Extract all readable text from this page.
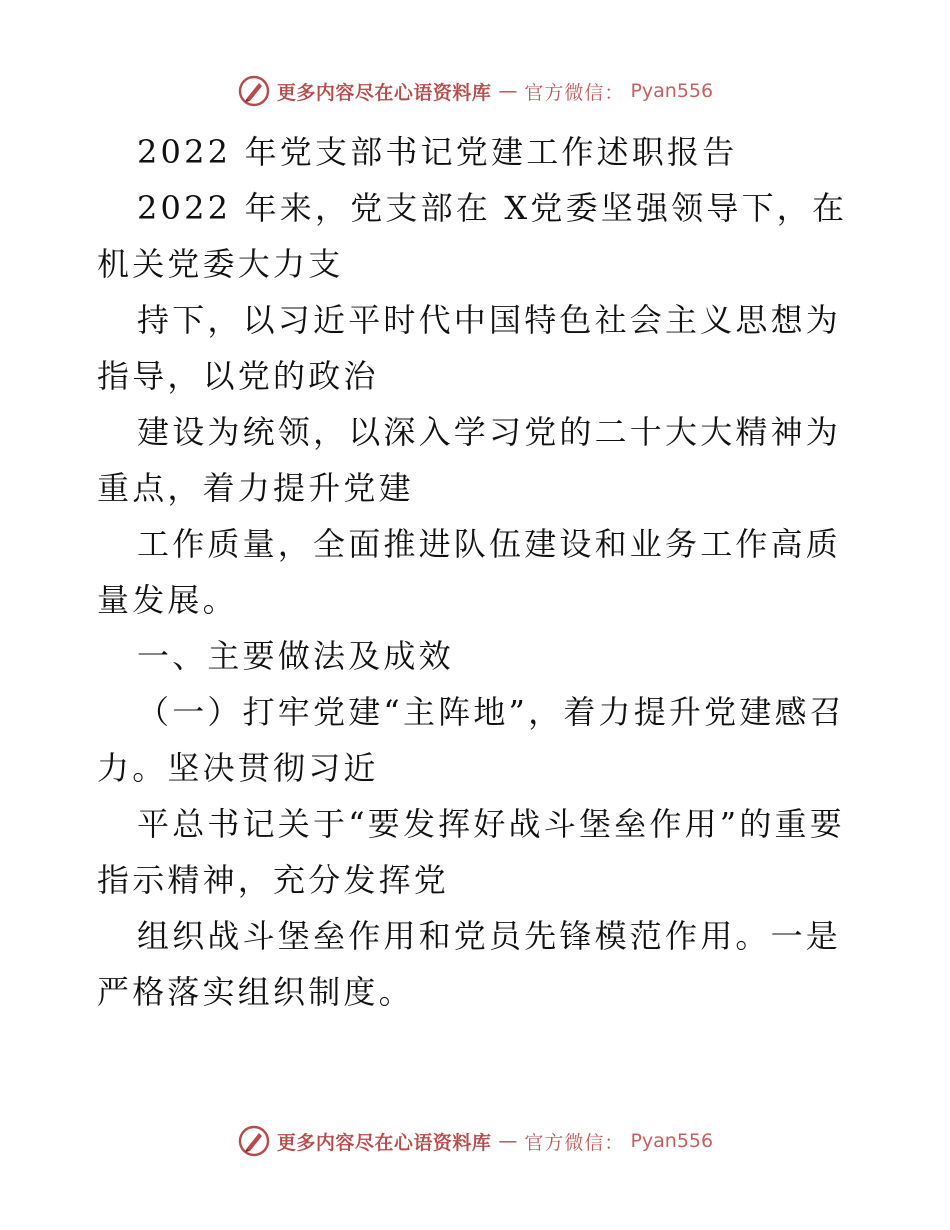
更多内容尽在心语资料库 — 官方微信： Pyan556

2022 年党支部书记党建工作述职报告

2022 年来，党支部在 X党委坚强领导下，在机关党委大力支

持下，以习近平时代中国特色社会主义思想为指导，以党的政治

建设为统领，以深入学习党的二十大大精神为重点，着力提升党建

工作质量，全面推进队伍建设和业务工作高质量发展。

一、主要做法及成效

（一）打牢党建“主阵地”，着力提升党建感召力。坚决贯彻习近

平总书记关于“要发挥好战斗堡垒作用”的重要指示精神，充分发挥党

组织战斗堡垒作用和党员先锋模范作用。一是严格落实组织制度。

更多内容尽在心语资料库 — 官方微信： Pyan556
